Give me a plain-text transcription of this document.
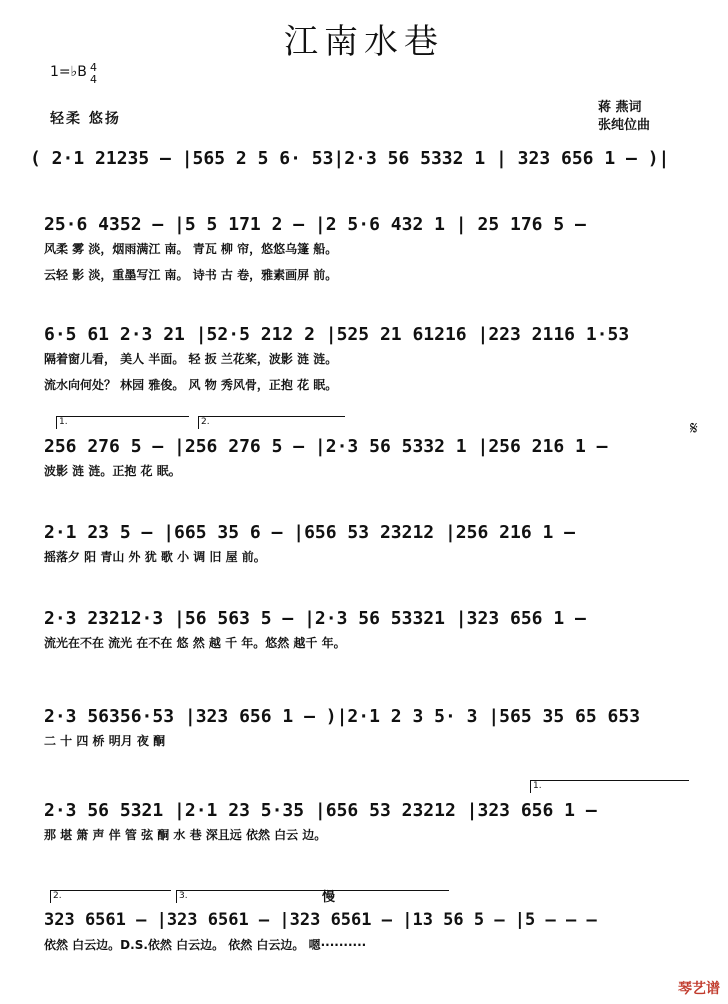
江南水巷
1=♭B 4
4
轻柔 悠扬
蒋 燕词
张纯位曲
( 2·1 21235 – |565 2 5 6· 53|2·3 56 5332 1 | 323 656 1 – )|
25·6 4352 – |5 5 171 2 – |2 5·6 432 1 | 25 176 5 –
风柔 雾 淡，烟雨满江 南。 青瓦 柳 帘，悠悠乌篷 船。
云轻 影 淡，重墨写江 南。 诗书 古 卷，雅素画屏 前。
6·5 61 2·3 21 |52·5 212 2 |525 21 61216 |223 2116 1·53
隔着窗儿看， 美人 半面。 轻 扳 兰花桨，波影 涟 涟。
流水向何处？ 林园 雅俊。 风 物 秀风骨，正抱 花 眠。
1.	2.
256 276 5 – |256 276 5 – |2·3 56 5332 1 |256 216 1 –
波影 涟 涟。正抱 花 眠。
𝄋
2·1 23 5 – |665 35 6 – |656 53 23212 |256 216 1 –
摇落夕 阳 青山 外 犹 歌 小 调 旧 屋 前。
2·3 23212·3 |56 563 5 – |2·3 56 53321 |323 656 1 –
流光在不在 流光 在不在 悠 然 越 千 年。悠然 越千 年。
2·3 56356·53 |323 656 1 – )|2·1 2 3 5· 3 |565 35 65 653
二 十 四 桥 明月 夜 酮
1.
2·3 56 5321 |2·1 23 5·35 |656 53 23212 |323 656 1 –
那 堪 箫 声 伴 管 弦 酮 水 巷 深且远 依然 白云 边。
2.	3.	慢
323 6561 – |323 6561 – |323 6561 – |13 56 5 – |5 – – –
依然 白云边。D.S.依然 白云边。 依然 白云边。 嗯··········
琴艺谱
